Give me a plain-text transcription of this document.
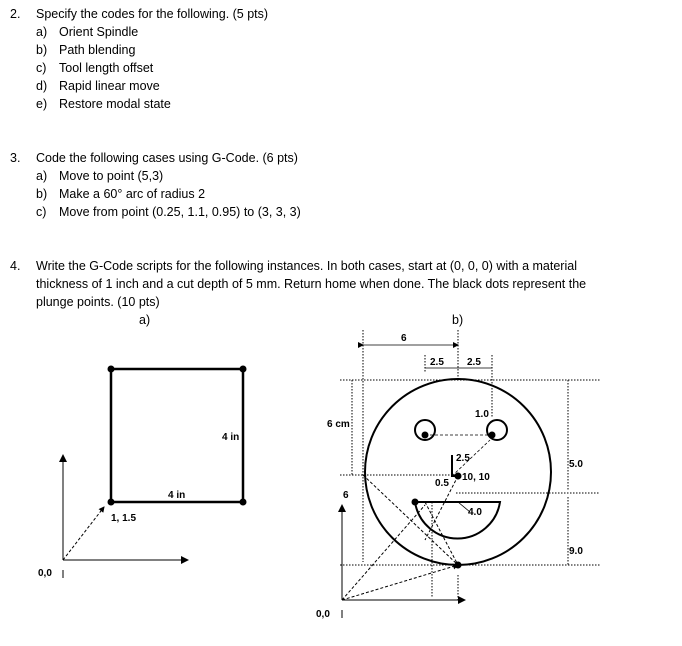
2. Specify the codes for the following. (5 pts)
a) Orient Spindle
b) Path blending
c) Tool length offset
d) Rapid linear move
e) Restore modal state
3. Code the following cases using G-Code. (6 pts)
a) Move to point (5,3)
b) Make a 60° arc of radius 2
c) Move from point (0.25, 1.1, 0.95) to (3, 3, 3)
4. Write the G-Code scripts for the following instances. In both cases, start at (0, 0, 0) with a material
thickness of 1 inch and a cut depth of 5 mm. Return home when done. The black dots represent the
plunge points. (10 pts)
a)	b)
0,0
1, 1.5
4 in
4 in
0,0
6
6
6 cm
2.5 2.5
1.0
2.5
10, 10
0.5
4.0
5.0
9.0
